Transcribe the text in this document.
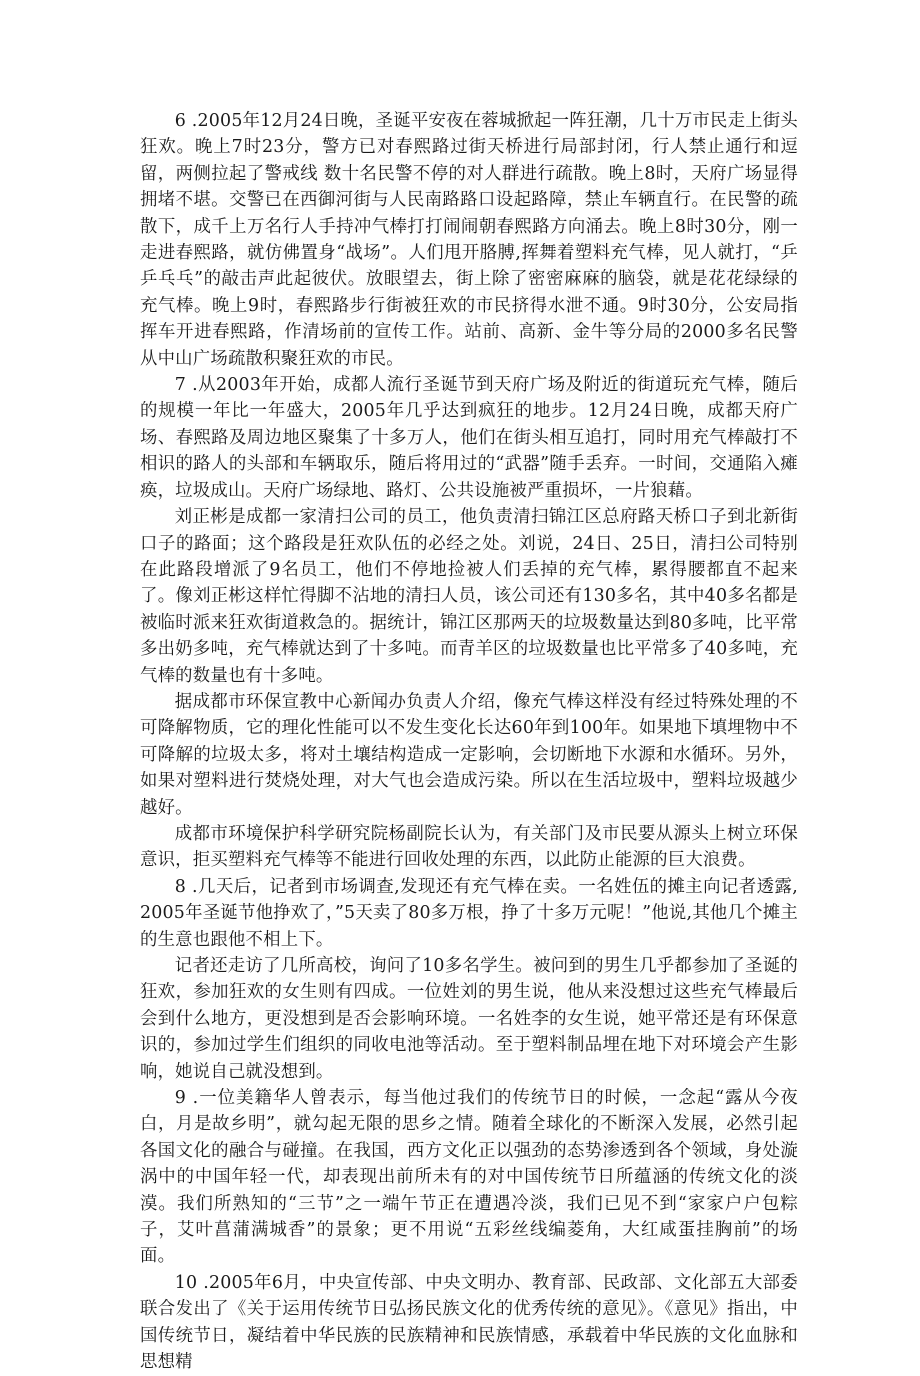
6 .2005年12月24日晚，圣诞平安夜在蓉城掀起一阵狂潮，几十万市民走上街头狂欢。晚上7时23分，警方已对春熙路过街天桥进行局部封闭，行人禁止通行和逗留，两侧拉起了警戒线 数十名民警不停的对人群进行疏散。晚上8时，天府广场显得拥堵不堪。交警已在西御河街与人民南路路口设起路障，禁止车辆直行。在民警的疏散下，成千上万名行人手持冲气棒打打闹闹朝春熙路方向涌去。晚上8时30分，刚一走进春熙路，就仿佛置身“战场”。人们甩开胳膊,挥舞着塑料充气棒，见人就打，“乒乒乓乓”的敲击声此起彼伏。放眼望去，街上除了密密麻麻的脑袋，就是花花绿绿的充气棒。晚上9时，春熙路步行街被狂欢的市民挤得水泄不通。9时30分，公安局指挥车开进春熙路，作清场前的宣传工作。站前、高新、金牛等分局的2000多名民警从中山广场疏散积聚狂欢的市民。

7 .从2003年开始，成都人流行圣诞节到天府广场及附近的街道玩充气棒，随后的规模一年比一年盛大，2005年几乎达到疯狂的地步。12月24日晚，成都天府广场、春熙路及周边地区聚集了十多万人，他们在街头相互追打，同时用充气棒敲打不相识的路人的头部和车辆取乐，随后将用过的“武器”随手丢弃。一时间，交通陷入瘫痪，垃圾成山。天府广场绿地、路灯、公共设施被严重损坏，一片狼藉。

刘正彬是成都一家清扫公司的员工，他负责清扫锦江区总府路天桥口子到北新街口子的路面；这个路段是狂欢队伍的必经之处。刘说，24日、25日，清扫公司特别在此路段增派了9名员工，他们不停地捡被人们丢掉的充气棒，累得腰都直不起来了。像刘正彬这样忙得脚不沾地的清扫人员，该公司还有130多名，其中40多名都是被临时派来狂欢街道救急的。据统计，锦江区那两天的垃圾数量达到80多吨，比平常多出奶多吨，充气棒就达到了十多吨。而青羊区的垃圾数量也比平常多了40多吨，充气棒的数量也有十多吨。

据成都市环保宣教中心新闻办负责人介绍，像充气棒这样没有经过特殊处理的不可降解物质，它的理化性能可以不发生变化长达60年到100年。如果地下填埋物中不可降解的垃圾太多，将对土壤结构造成一定影响，会切断地下水源和水循环。另外，如果对塑料进行焚烧处理，对大气也会造成污染。所以在生活垃圾中，塑料垃圾越少越好。

成都市环境保护科学研究院杨副院长认为，有关部门及市民要从源头上树立环保意识，拒买塑料充气棒等不能进行回收处理的东西，以此防止能源的巨大浪费。

8 .几天后，记者到市场调查,发现还有充气棒在卖。一名姓伍的摊主向记者透露,2005年圣诞节他挣欢了，”5天卖了80多万根，挣了十多万元呢！”他说,其他几个摊主的生意也跟他不相上下。

记者还走访了几所高校，询问了10多名学生。被问到的男生几乎都参加了圣诞的狂欢，参加狂欢的女生则有四成。一位姓刘的男生说，他从来没想过这些充气棒最后会到什么地方，更没想到是否会影响环境。一名姓李的女生说，她平常还是有环保意识的，参加过学生们组织的同收电池等活动。至于塑料制品埋在地下对环境会产生影响，她说自己就没想到。

9 .一位美籍华人曾表示，每当他过我们的传统节日的时候，一念起“露从今夜白，月是故乡明”，就勾起无限的思乡之情。随着全球化的不断深入发展，必然引起各国文化的融合与碰撞。在我国，西方文化正以强劲的态势渗透到各个领域，身处漩涡中的中国年轻一代，却表现出前所未有的对中国传统节日所蕴涵的传统文化的淡漠。我们所熟知的“三节”之一端午节正在遭遇冷淡，我们已见不到“家家户户包粽子，艾叶菖蒲满城香”的景象；更不用说“五彩丝线编菱角，大红咸蛋挂胸前”的场面。

10 .2005年6月，中央宣传部、中央文明办、教育部、民政部、文化部五大部委联合发出了《关于运用传统节日弘扬民族文化的优秀传统的意见》。《意见》指出，中国传统节日，凝结着中华民族的民族精神和民族情感，承载着中华民族的文化血脉和思想精
